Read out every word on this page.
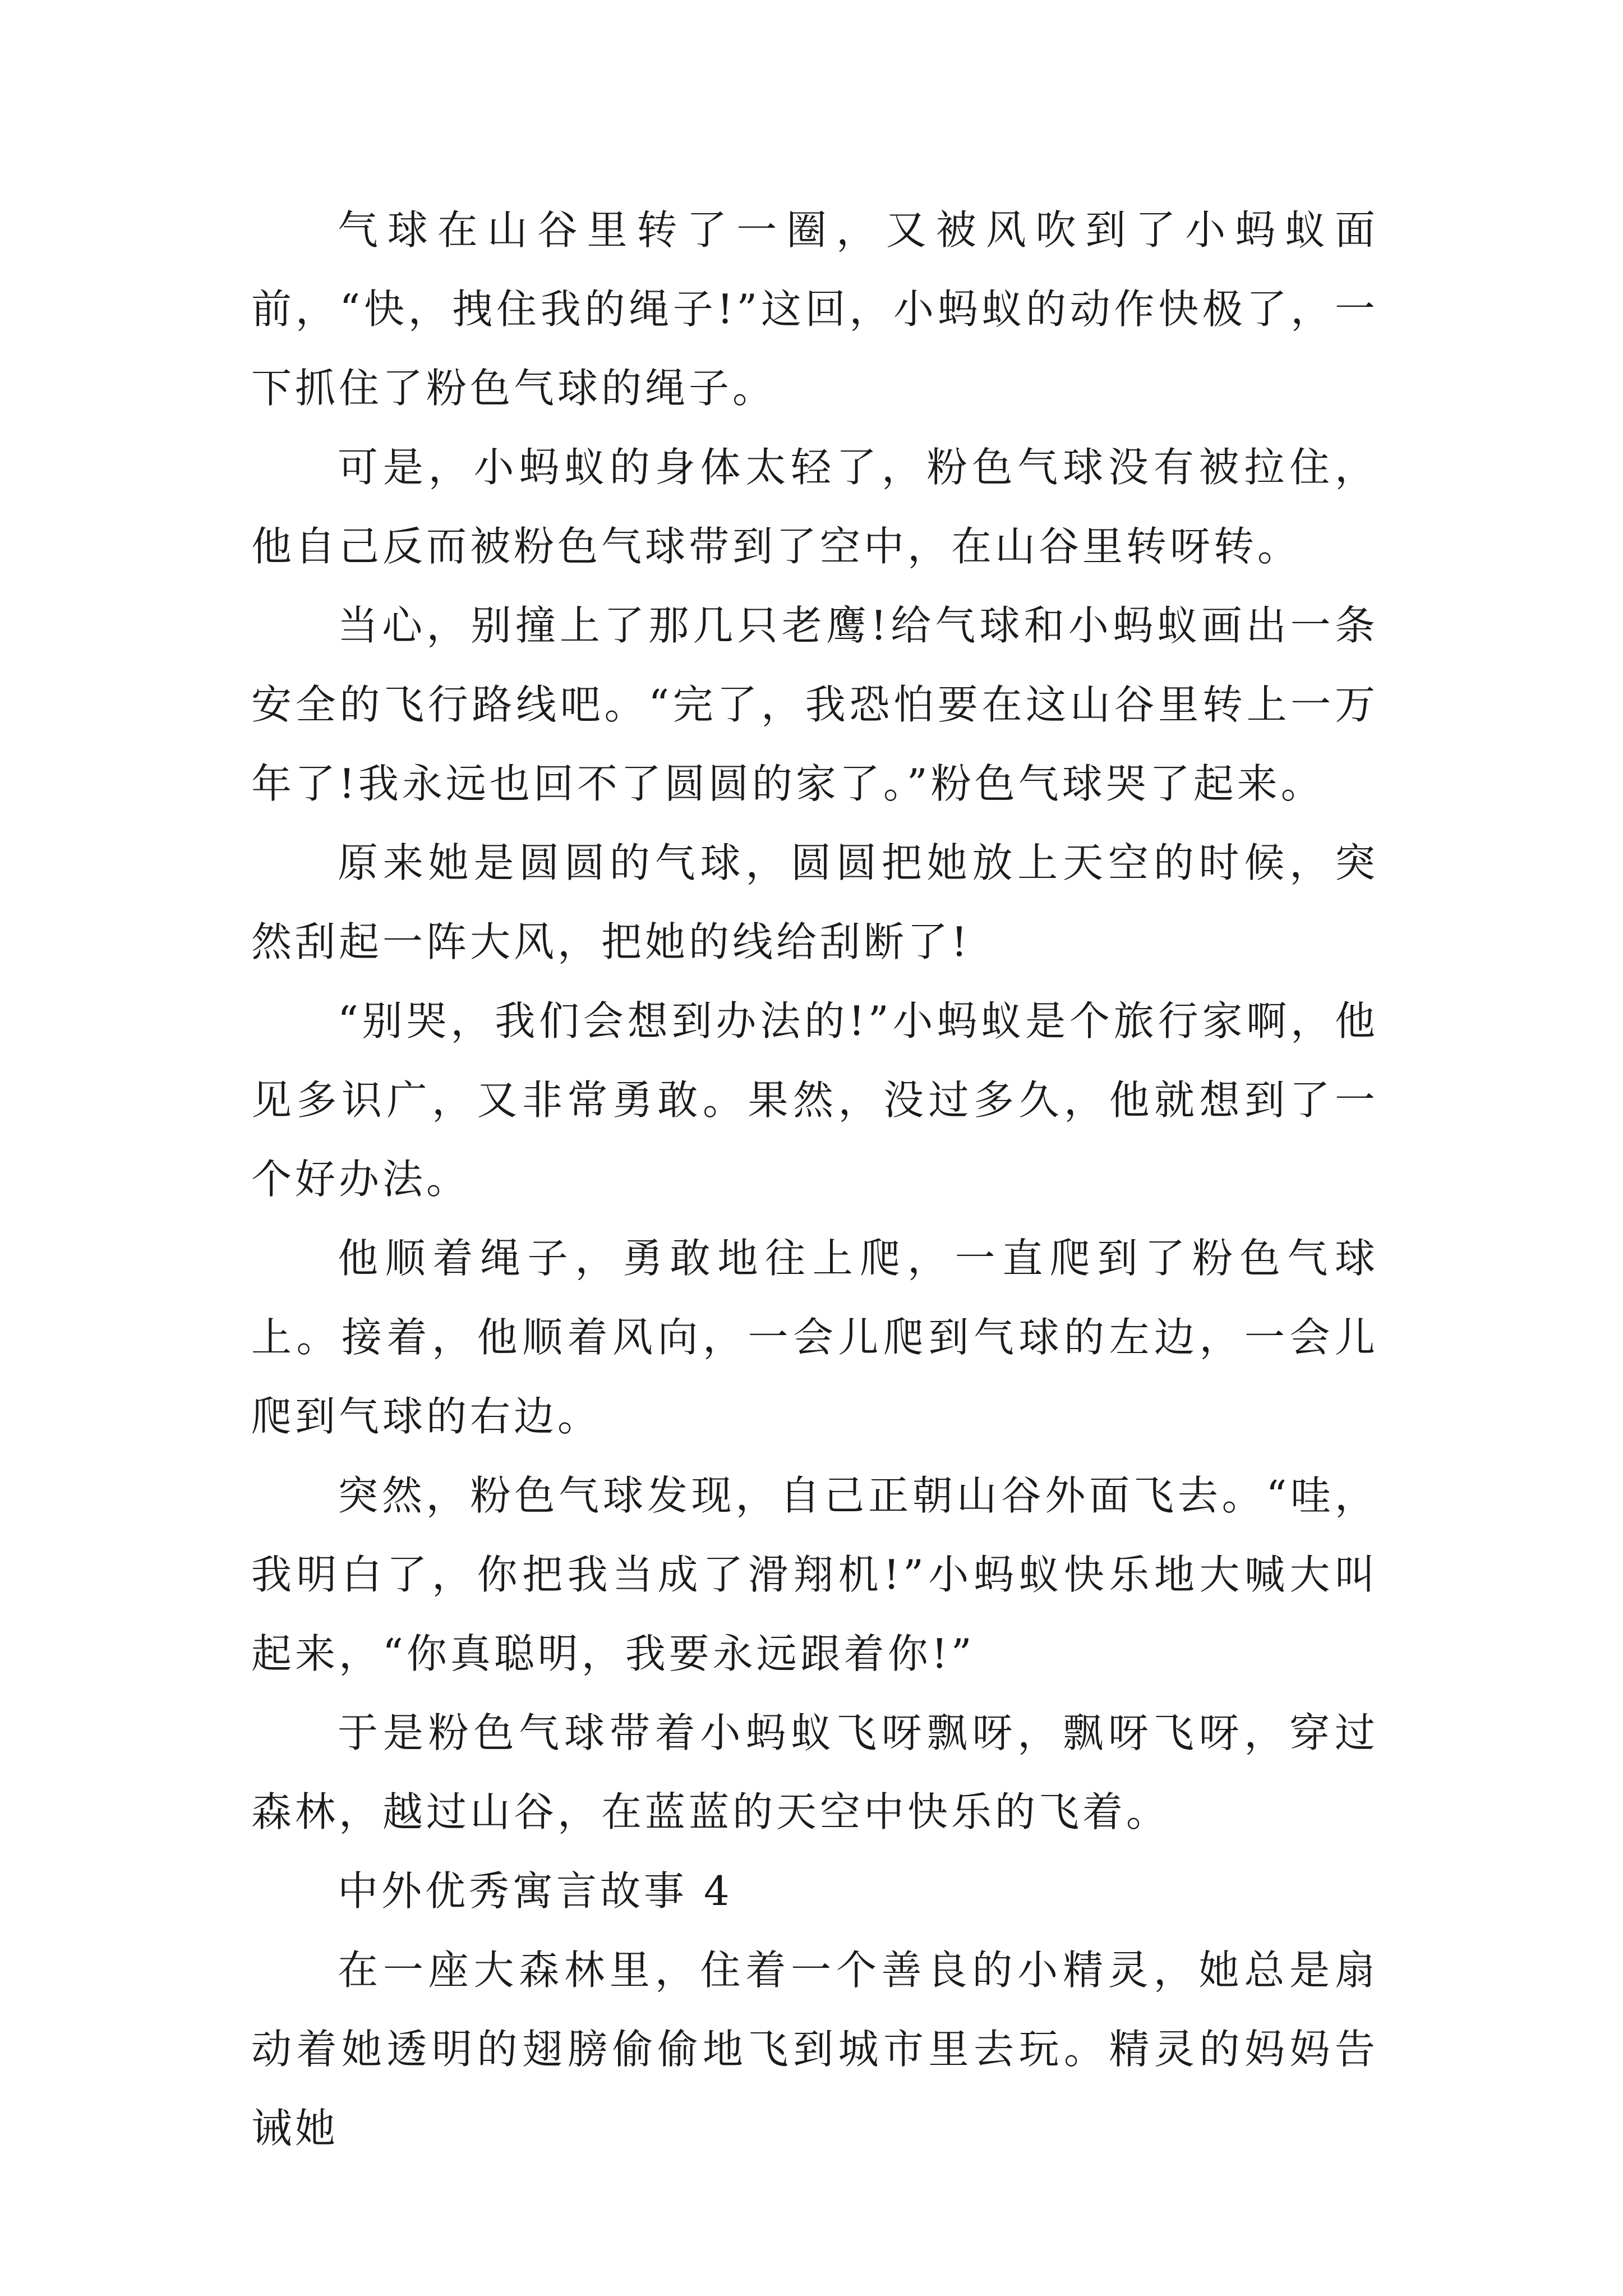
气球在山谷里转了一圈，又被风吹到了小蚂蚁面前，“快，拽住我的绳子!”这回，小蚂蚁的动作快极了，一下抓住了粉色气球的绳子。

可是，小蚂蚁的身体太轻了，粉色气球没有被拉住，他自己反而被粉色气球带到了空中，在山谷里转呀转。

当心，别撞上了那几只老鹰!给气球和小蚂蚁画出一条安全的飞行路线吧。“完了，我恐怕要在这山谷里转上一万年了!我永远也回不了圆圆的家了。”粉色气球哭了起来。

原来她是圆圆的气球，圆圆把她放上天空的时候，突然刮起一阵大风，把她的线给刮断了!

“别哭，我们会想到办法的!”小蚂蚁是个旅行家啊，他见多识广，又非常勇敢。果然，没过多久，他就想到了一个好办法。

他顺着绳子，勇敢地往上爬，一直爬到了粉色气球上。接着，他顺着风向，一会儿爬到气球的左边，一会儿爬到气球的右边。

突然，粉色气球发现，自己正朝山谷外面飞去。“哇，我明白了，你把我当成了滑翔机!”小蚂蚁快乐地大喊大叫起来，“你真聪明，我要永远跟着你!”

于是粉色气球带着小蚂蚁飞呀飘呀，飘呀飞呀，穿过森林，越过山谷，在蓝蓝的天空中快乐的飞着。

中外优秀寓言故事 4

在一座大森林里，住着一个善良的小精灵，她总是扇动着她透明的翅膀偷偷地飞到城市里去玩。精灵的妈妈告诫她
